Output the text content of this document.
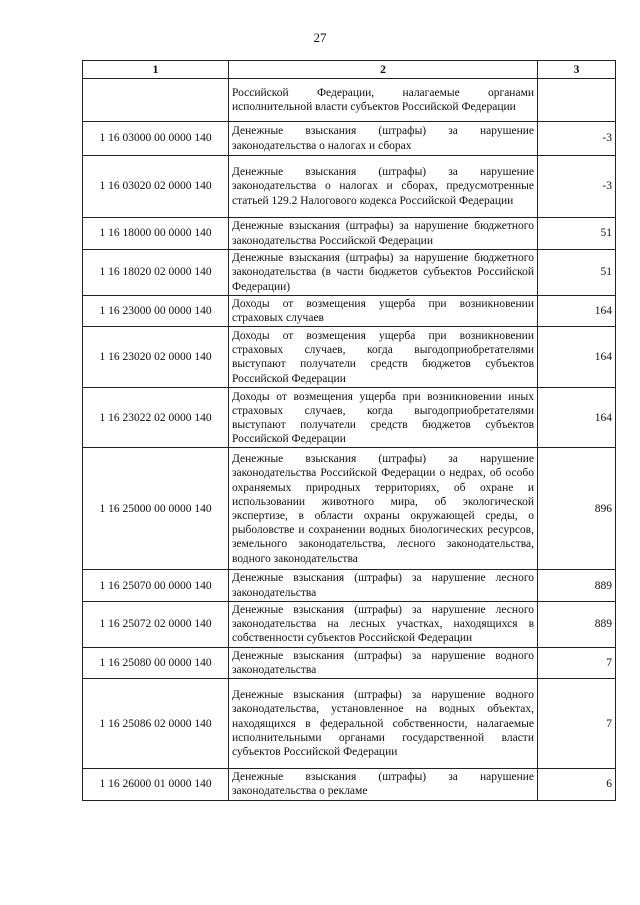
27
1	2	3
	Российской Федерации, налагаемые органами исполнительной власти субъектов Российской Федерации	
1 16 03000 00 0000 140	Денежные взыскания (штрафы) за нарушение законодательства о налогах и сборах	-3
1 16 03020 02 0000 140	Денежные взыскания (штрафы) за нарушение законодательства о налогах и сборах, предусмотренные статьей 129.2 Налогового кодекса Российской Федерации	-3
1 16 18000 00 0000 140	Денежные взыскания (штрафы) за нарушение бюджетного законодательства Российской Федерации	51
1 16 18020 02 0000 140	Денежные взыскания (штрафы) за нарушение бюджетного законодательства (в части бюджетов субъектов Российской Федерации)	51
1 16 23000 00 0000 140	Доходы от возмещения ущерба при возникновении страховых случаев	164
1 16 23020 02 0000 140	Доходы от возмещения ущерба при возникновении страховых случаев, когда выгодоприобретателями выступают получатели средств бюджетов субъектов Российской Федерации	164
1 16 23022 02 0000 140	Доходы от возмещения ущерба при возникновении иных страховых случаев, когда выгодоприобретателями выступают получатели средств бюджетов субъектов Российской Федерации	164
1 16 25000 00 0000 140	Денежные взыскания (штрафы) за нарушение законодательства Российской Федерации о недрах, об особо охраняемых природных территориях, об охране и использовании животного мира, об экологической экспертизе, в области охраны окружающей среды, о рыболовстве и сохранении водных биологических ресурсов, земельного законодательства, лесного законодательства, водного законодательства	896
1 16 25070 00 0000 140	Денежные взыскания (штрафы) за нарушение лесного законодательства	889
1 16 25072 02 0000 140	Денежные взыскания (штрафы) за нарушение лесного законодательства на лесных участках, находящихся в собственности субъектов Российской Федерации	889
1 16 25080 00 0000 140	Денежные взыскания (штрафы) за нарушение водного законодательства	7
1 16 25086 02 0000 140	Денежные взыскания (штрафы) за нарушение водного законодательства, установленное на водных объектах, находящихся в федеральной собственности, налагаемые исполнительными органами государственной власти субъектов Российской Федерации	7
1 16 26000 01 0000 140	Денежные взыскания (штрафы) за нарушение законодательства о рекламе	6
